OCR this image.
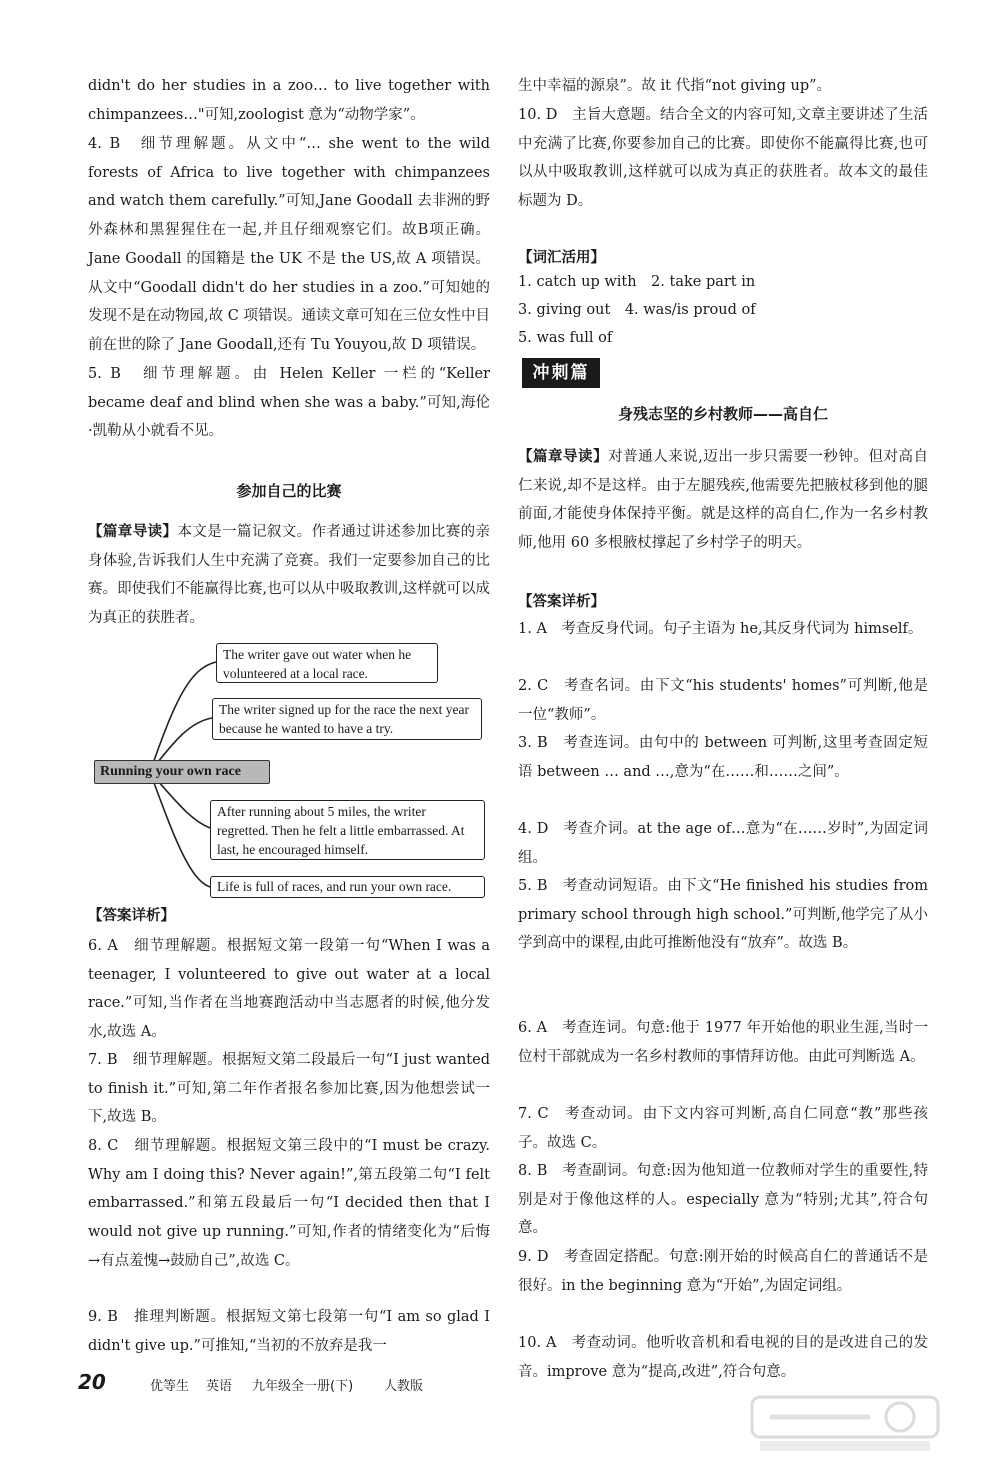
didn't do her studies in a zoo… to live together with chimpanzees…"可知,zoologist 意为“动物学家”。

4. B　细节理解题。从文中“… she went to the wild forests of Africa to live together with chimpanzees and watch them carefully.”可知,Jane Goodall 去非洲的野外森林和黑猩猩住在一起,并且仔细观察它们。故B项正确。Jane Goodall 的国籍是 the UK 不是 the US,故 A 项错误。从文中“Goodall didn't do her studies in a zoo.”可知她的发现不是在动物园,故 C 项错误。通读文章可知在三位女性中目前在世的除了 Jane Goodall,还有 Tu Youyou,故 D 项错误。

5. B　细节理解题。由 Helen Keller 一栏的“Keller became deaf and blind when she was a baby.”可知,海伦·凯勒从小就看不见。

参加自己的比赛

【篇章导读】本文是一篇记叙文。作者通过讲述参加比赛的亲身体验,告诉我们人生中充满了竞赛。我们一定要参加自己的比赛。即使我们不能赢得比赛,也可以从中吸取教训,这样就可以成为真正的获胜者。

【答案详析】

6. A　细节理解题。根据短文第一段第一句“When I was a teenager, I volunteered to give out water at a local race.”可知,当作者在当地赛跑活动中当志愿者的时候,他分发水,故选 A。

7. B　细节理解题。根据短文第二段最后一句“I just wanted to finish it.”可知,第二年作者报名参加比赛,因为他想尝试一下,故选 B。

8. C　细节理解题。根据短文第三段中的“I must be crazy. Why am I doing this? Never again!”,第五段第二句“I felt embarrassed.”和第五段最后一句“I decided then that I would not give up running.”可知,作者的情绪变化为“后悔→有点羞愧→鼓励自己”,故选 C。

9. B　推理判断题。根据短文第七段第一句“I am so glad I didn't give up.”可推知,“当初的不放弃是我一

The writer gave out water when he volunteered at a local race.
The writer signed up for the race the next year because he wanted to have a try.
Running your own race
After running about 5 miles, the writer regretted. Then he felt a little embarrassed. At last, he encouraged himself.
Life is full of races, and run your own race.

生中幸福的源泉”。故 it 代指“not giving up”。

10. D　主旨大意题。结合全文的内容可知,文章主要讲述了生活中充满了比赛,你要参加自己的比赛。即使你不能赢得比赛,也可以从中吸取教训,这样就可以成为真正的获胜者。故本文的最佳标题为 D。

【词汇活用】

1. catch up with　2. take part in

3. giving out　4. was/is proud of

5. was full of

冲刺篇
身残志坚的乡村教师——高自仁

【篇章导读】对普通人来说,迈出一步只需要一秒钟。但对高自仁来说,却不是这样。由于左腿残疾,他需要先把腋杖移到他的腿前面,才能使身体保持平衡。就是这样的高自仁,作为一名乡村教师,他用 60 多根腋杖撑起了乡村学子的明天。

【答案详析】

1. A　考查反身代词。句子主语为 he,其反身代词为 himself。

2. C　考查名词。由下文“his students' homes”可判断,他是一位“教师”。

3. B　考查连词。由句中的 between 可判断,这里考查固定短语 between … and …,意为“在……和……之间”。

4. D　考查介词。at the age of…意为“在……岁时”,为固定词组。

5. B　考查动词短语。由下文“He finished his studies from primary school through high school.”可判断,他学完了从小学到高中的课程,由此可推断他没有“放弃”。故选 B。

6. A　考查连词。句意:他于 1977 年开始他的职业生涯,当时一位村干部就成为一名乡村教师的事情拜访他。由此可判断选 A。

7. C　考查动词。由下文内容可判断,高自仁同意“教”那些孩子。故选 C。

8. B　考查副词。句意:因为他知道一位教师对学生的重要性,特别是对于像他这样的人。especially 意为“特别;尤其”,符合句意。

9. D　考查固定搭配。句意:刚开始的时候高自仁的普通话不是很好。in the beginning 意为“开始”,为固定词组。

10. A　考查动词。他听收音机和看电视的目的是改进自己的发音。improve 意为“提高,改进”,符合句意。

20	优等生 英语 九年级全一册(下) 人教版
